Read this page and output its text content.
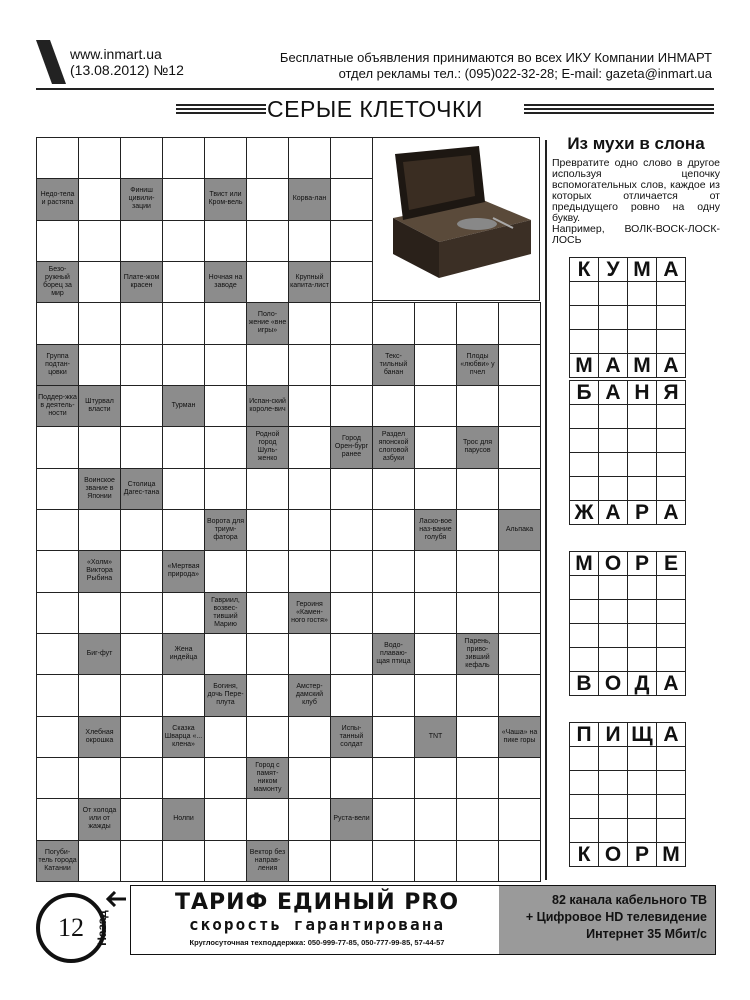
www.inmart.ua
(13.08.2012) №12
Бесплатные объявления принимаются во всех ИКУ Компании ИНМАРТ
отдел рекламы тел.: (095)022-32-28; E-mail: gazeta@inmart.ua
СЕРЫЕ КЛЕТОЧКИ
Недо-тела и растяпа
Финиш цивили-зации
Твист или Кром-вель
Корва-лан
Безо-ружный борец за мир
Плате-жом красен
Ночная на заводе
Крупный капита-лист
Поло-жение «вне игры»
Группа подтан-цовки
Текс-тильный банан
Плоды «любви» у пчел
Поддер-жка в деятель-ности
Штурвал власти
Турман
Испан-ский короле-вич
Родной город Шуль-женко
Город Орен-бург ранее
Раздел японской слоговой азбуки
Трос для парусов
Воинское звание в Японии
Столица Дагес-тана
Ворота для триум-фатора
Ласко-вое наз-вание голубя
Альпака
«Холм» Виктора Рыбина
«Мертвая природа»
Гавриил, возвес-тивший Марию
Героиня «Камен-ного гостя»
Биг-фут
Жена индейца
Водо-плаваю-щая птица
Парень, приво-зивший кефаль
Богиня, дочь Пере-плута
Амстер-дамский клуб
Хлебная окрошка
Сказка Шварца «... клена»
Испы-танный солдат
TNT
«Чаша» на пике горы
Город с памят-ником мамонту
От холода или от жажды
Нолпи	Руста-вели
Погуби-тель города Катании
Вектор без направ-ления
Из мухи в слона
Превратите одно слово в другое используя цепочку вспомогательных слов, каждое из которых отличается от предыдущего ровно на одну букву.
Например, ВОЛК-ВОСК-ЛОСК-ЛОСЬ
К У М А
М А М А
Б А Н Я
Ж А Р А
М О Р Е
В О Д А
П И Щ А
К О Р М
12 Назад
ТАРИФ ЕДИНЫЙ PRO
скорость гарантирована
Круглосуточная техподдержка: 050-999-77-85, 050-777-99-85, 57-44-57
82 канала кабельного ТВ
+ Цифровое HD телевидение
Интернет 35 Мбит/с
